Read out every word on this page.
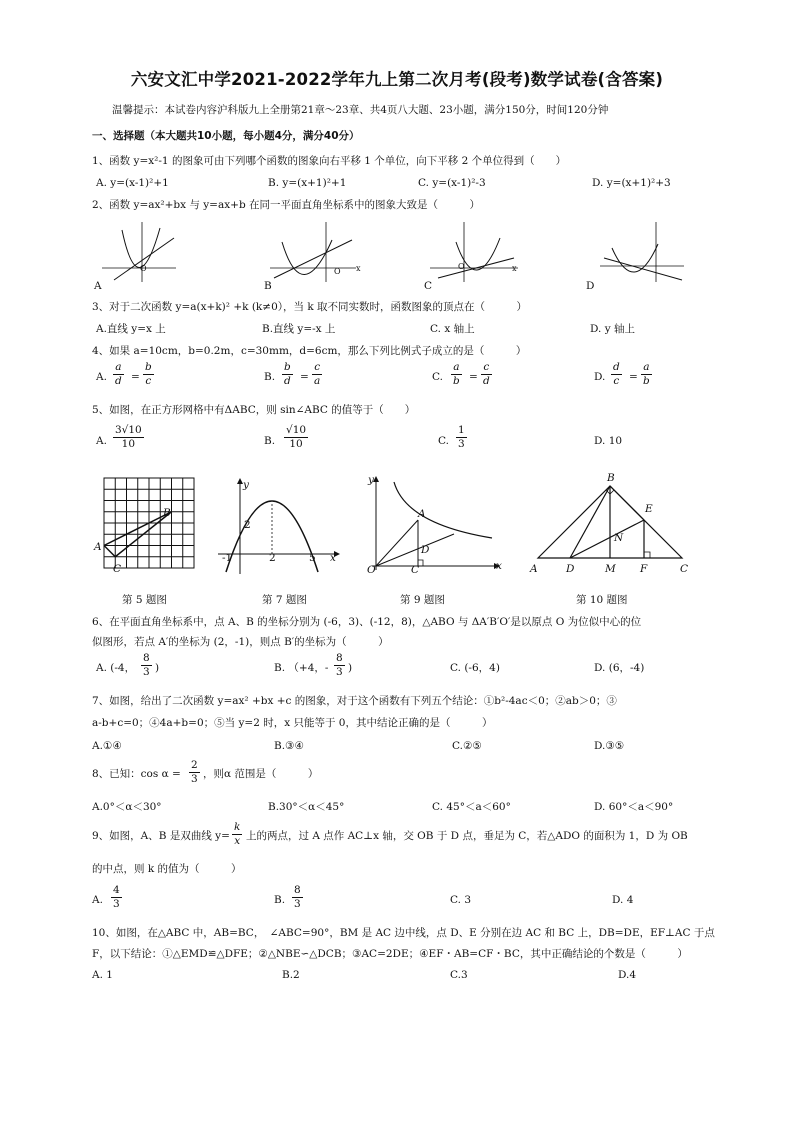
六安文汇中学2021-2022学年九上第二次月考(段考)数学试卷(含答案)
温馨提示：本试卷内容沪科版九上全册第21章～23章、共4页八大题、23小题，满分150分，时间120分钟
一、选择题（本大题共10小题，每小题4分，满分40分）
1、函数 y=x²-1 的图象可由下列哪个函数的图象向右平移 1 个单位，向下平移 2 个单位得到（　　）
A. y=(x-1)²+1	B. y=(x+1)²+1	C. y=(x-1)²-3	D. y=(x+1)²+3
2、函数 y=ax²+bx 与 y=ax+b 在同一平面直角坐标系中的图象大致是（　　　）
O
A
O x
B
O	x
C	D
3、对于二次函数 y=a(x+k)² +k (k≠0），当 k 取不同实数时，函数图象的顶点在（　　　）
A.直线 y=x 上	B.直线 y=-x 上	C. x 轴上	D. y 轴上
4、如果 a=10cm，b=0.2m，c=30mm，d=6cm，那么下列比例式子成立的是（　　　）
A. $\frac{a}{d} = \frac{b}{c}$	B. $\frac{b}{d} = \frac{c}{a}$	C. $\frac{a}{b} = \frac{c}{d}$	D. $\frac{d}{c} = \frac{a}{b}$
5、如图，在正方形网格中有ΔABC，则 sin∠ABC 的值等于（　　）
A. $\frac{3√10}{10}$	B. $\frac{√10}{10}$	C. $\frac{1}{3}$	D. 10
A
B
C
第 5 题图
y
x
2
-1	2	5
第 7 题图
y
x
O
A
C
D
第 9 题图
B
E
N
A	D	M F	C
第 10 题图
6、在平面直角坐标系中，点 A、B 的坐标分别为 (-6，3)、(-12，8)，△ABO 与 ΔA′B′O′是以原点 O 为位似中心的位
似图形，若点 A′的坐标为 (2，-1)，则点 B′的坐标为（　　　）
A. (-4， $\frac{8}{3}$ )	B. （+4，- $\frac{8}{3}$ )	C. (-6，4)	D. (6，-4)
7、如图，给出了二次函数 y=ax² +bx +c 的图象，对于这个函数有下列五个结论：①b²-4ac＜0；②ab＞0；③
a-b+c=0；④4a+b=0；⑤当 y=2 时，x 只能等于 0，其中结论正确的是（　　　）
A.①④	B.③④	C.②⑤	D.③⑤
8、已知：$\cos \alpha = \frac{2}{3}$ ，则α 范围是（　　　）
A.0°＜α＜30°	B.30°＜α＜45°	C. 45°＜a＜60°	D. 60°＜a＜90°
9、如图，A、B 是双曲线 $y= \frac{k}{x}$ 上的两点，过 A 点作 AC⊥x 轴，交 OB 于 D 点，垂足为 C，若△ADO 的面积为 1，D 为 OB
的中点，则 k 的值为（　　　）
A. $\frac{4}{3}$	B. $\frac{8}{3}$	C. 3	D. 4
10、如图，在△ABC 中，AB=BC，　∠ABC=90°，BM 是 AC 边中线，点 D、E 分别在边 AC 和 BC 上，DB=DE，EF⊥AC 于点
F，以下结论：①△EMD≌△DFE；②△NBE∽△DCB；③AC=2DE；④EF・AB=CF・BC，其中正确结论的个数是（　　　）
A. 1	B.2	C.3	D.4
